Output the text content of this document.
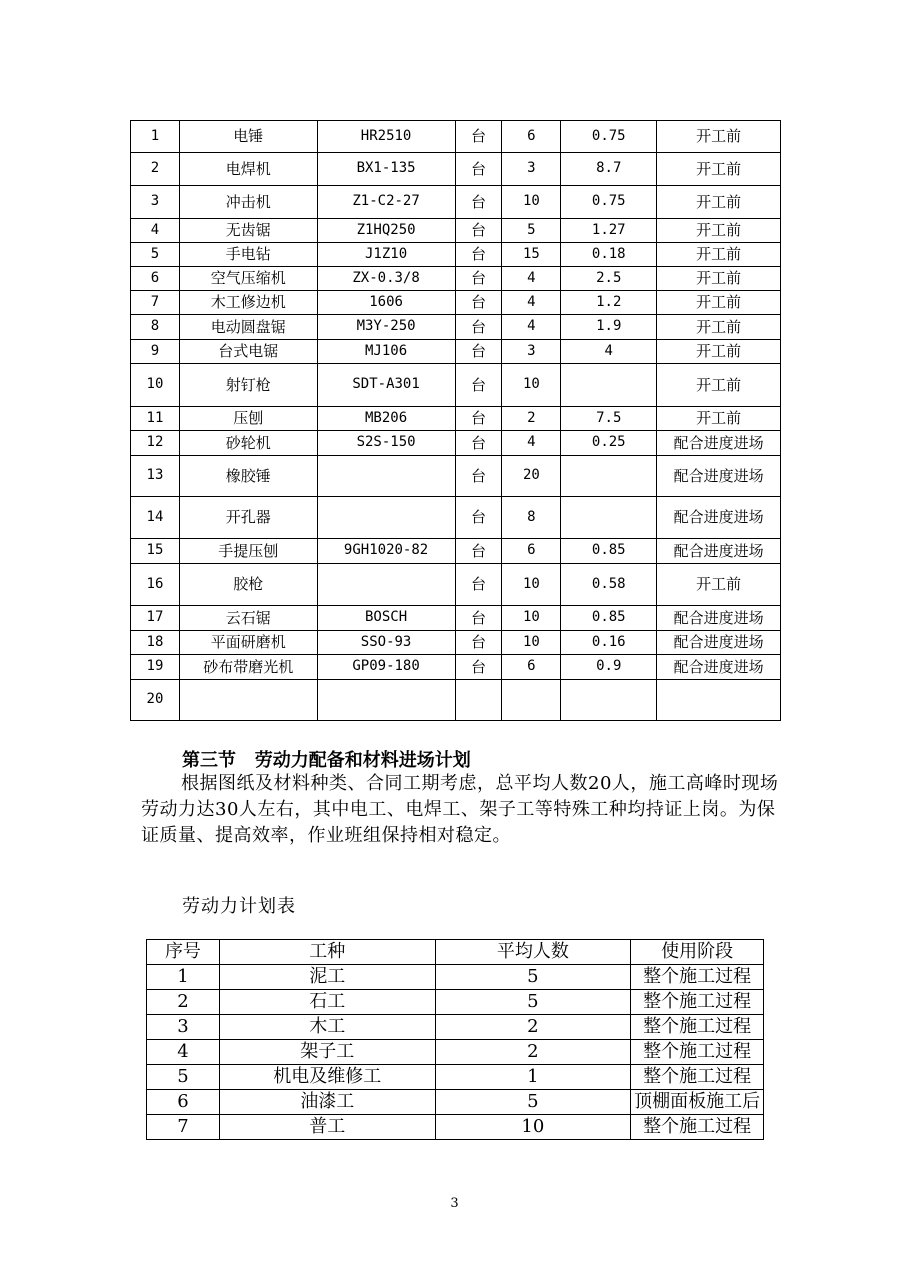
1	电锤	HR2510	台	6	0.75	开工前
2	电焊机	BX1-135	台	3	8.7	开工前
3	冲击机	Z1-C2-27	台	10	0.75	开工前
4	无齿锯	Z1HQ250	台	5	1.27	开工前
5	手电钻	J1Z10	台	15	0.18	开工前
6	空气压缩机	ZX-0.3/8	台	4	2.5	开工前
7	木工修边机	1606	台	4	1.2	开工前
8	电动圆盘锯	M3Y-250	台	4	1.9	开工前
9	台式电锯	MJ106	台	3	4	开工前
10	射钉枪	SDT-A301	台	10		开工前
11	压刨	MB206	台	2	7.5	开工前
12	砂轮机	S2S-150	台	4	0.25	配合进度进场
13	橡胶锤		台	20		配合进度进场
14	开孔器		台	8		配合进度进场
15	手提压刨	9GH1020-82	台	6	0.85	配合进度进场
16	胶枪		台	10	0.58	开工前
17	云石锯	BOSCH	台	10	0.85	配合进度进场
18	平面研磨机	SSO-93	台	10	0.16	配合进度进场
19	砂布带磨光机	GP09-180	台	6	0.9	配合进度进场
20						
第三节   劳动力配备和材料进场计划
根据图纸及材料种类、合同工期考虑，总平均人数20人，施工高峰时现场劳动力达30人左右，其中电工、电焊工、架子工等特殊工种均持证上岗。为保证质量、提高效率，作业班组保持相对稳定。
劳动力计划表
序号	工种	平均人数	使用阶段
1	泥工	5	整个施工过程
2	石工	5	整个施工过程
3	木工	2	整个施工过程
4	架子工	2	整个施工过程
5	机电及维修工	1	整个施工过程
6	油漆工	5	顶棚面板施工后
7	普工	10	整个施工过程
3
